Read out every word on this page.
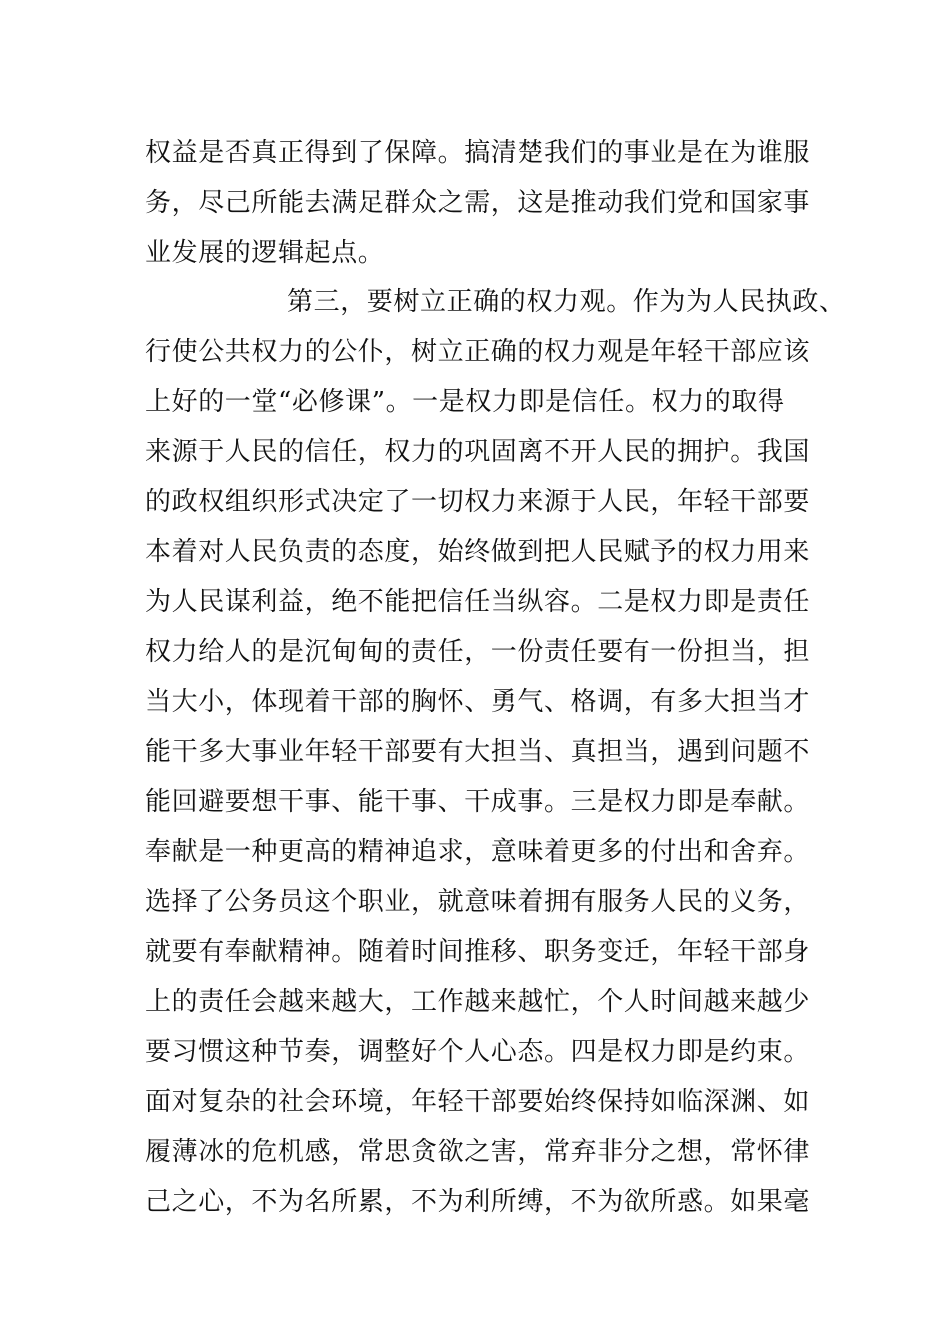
权益是否真正得到了保障。搞清楚我们的事业是在为谁服
务，尽己所能去满足群众之需，这是推动我们党和国家事
业发展的逻辑起点。
第三，要树立正确的权力观。作为为人民执政、
行使公共权力的公仆，树立正确的权力观是年轻干部应该
上好的一堂“必修课”。一是权力即是信任。权力的取得
来源于人民的信任，权力的巩固离不开人民的拥护。我国
的政权组织形式决定了一切权力来源于人民，年轻干部要
本着对人民负责的态度，始终做到把人民赋予的权力用来
为人民谋利益，绝不能把信任当纵容。二是权力即是责任
权力给人的是沉甸甸的责任，一份责任要有一份担当，担
当大小，体现着干部的胸怀、勇气、格调，有多大担当才
能干多大事业年轻干部要有大担当、真担当，遇到问题不
能回避要想干事、能干事、干成事。三是权力即是奉献。
奉献是一种更高的精神追求，意味着更多的付出和舍弃。
选择了公务员这个职业，就意味着拥有服务人民的义务，
就要有奉献精神。随着时间推移、职务变迁，年轻干部身
上的责任会越来越大，工作越来越忙，个人时间越来越少
要习惯这种节奏，调整好个人心态。四是权力即是约束。
面对复杂的社会环境，年轻干部要始终保持如临深渊、如
履薄冰的危机感，常思贪欲之害，常弃非分之想，常怀律
己之心，不为名所累，不为利所缚，不为欲所惑。如果毫
